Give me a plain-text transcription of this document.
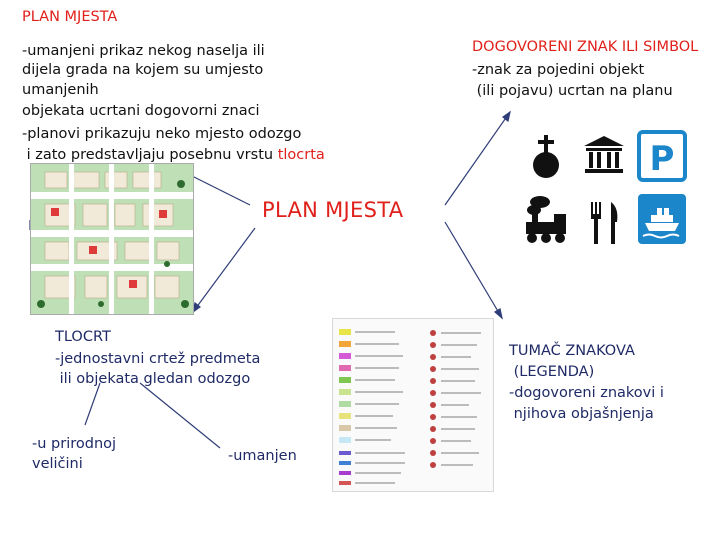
PLAN MJESTA
-umanjeni prikaz nekog naselja ili
dijela grada na kojem su umjesto
umanjenih
objekata ucrtani dogovorni znaci
-planovi prikazuju neko mjesto odozgo
i zato predstavljaju posebnu vrstu tlocrta
DOGOVORENI ZNAK ILI SIMBOL
-znak za pojedini objekt
(ili pojavu) ucrtan na planu
PLAN MJESTA
TLOCRT
-jednostavni crtež predmeta
ili objekata gledan odozgo
-u prirodnoj
veličini	-umanjen
TUMAČ ZNAKOVA
(LEGENDA)
-dogovoreni znakovi i
njihova objašnjenja
P
